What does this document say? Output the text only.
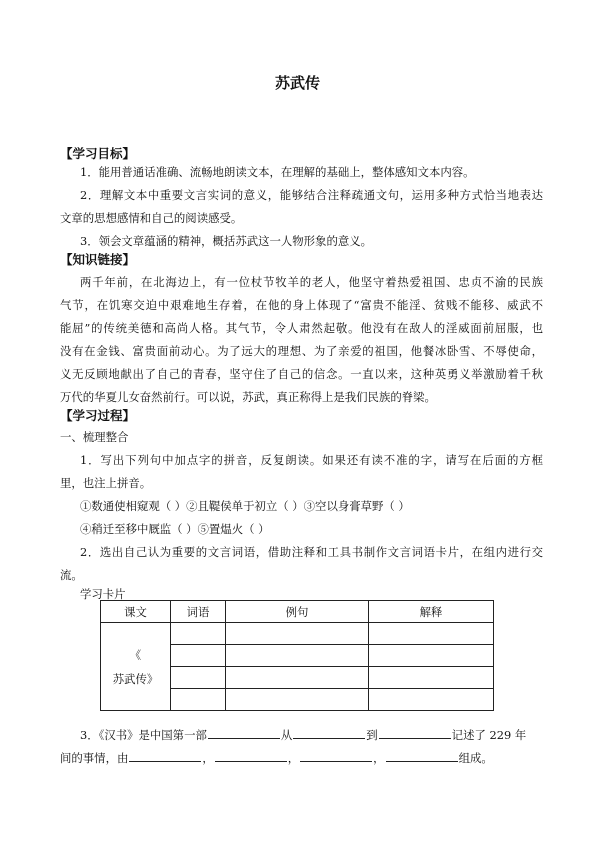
苏武传
【学习目标】
1．能用普通话准确、流畅地朗读文本，在理解的基础上，整体感知文本内容。
2．理解文本中重要文言实词的意义，能够结合注释疏通文句，运用多种方式恰当地表达
文章的思想感情和自己的阅读感受。
3．领会文章蕴涵的精神，概括苏武这一人物形象的意义。
【知识链接】
两千年前，在北海边上，有一位杖节牧羊的老人，他坚守着热爱祖国、忠贞不渝的民族
气节，在饥寒交迫中艰难地生存着，在他的身上体现了“富贵不能淫、贫贱不能移、威武不
能屈”的传统美德和高尚人格。其气节，令人肃然起敬。他没有在敌人的淫威面前屈服，也
没有在金钱、富贵面前动心。为了远大的理想、为了亲爱的祖国，他餐冰卧雪、不辱使命，
义无反顾地献出了自己的青春，坚守住了自己的信念。一直以来，这种英勇义举激励着千秋
万代的华夏儿女奋然前行。可以说，苏武，真正称得上是我们民族的脊梁。
【学习过程】
一、梳理整合
1．写出下列句中加点字的拼音，反复朗读。如果还有读不准的字，请写在后面的方框
里，也注上拼音。
①数通使相窥观（ ）②且鞮侯单于初立（ ）③空以身膏草野（ ）
④稍迁至移中厩监（ ）⑤置煴火（ ）
2．选出自己认为重要的文言词语，借助注释和工具书制作文言词语卡片，在组内进行交
流。
学习卡片
课文	词语	例句	解释

《
苏武传》			

3．《汉书》是中国第一部	从	到	记述了 229 年
间的事情，由	，	，	，	组成。
